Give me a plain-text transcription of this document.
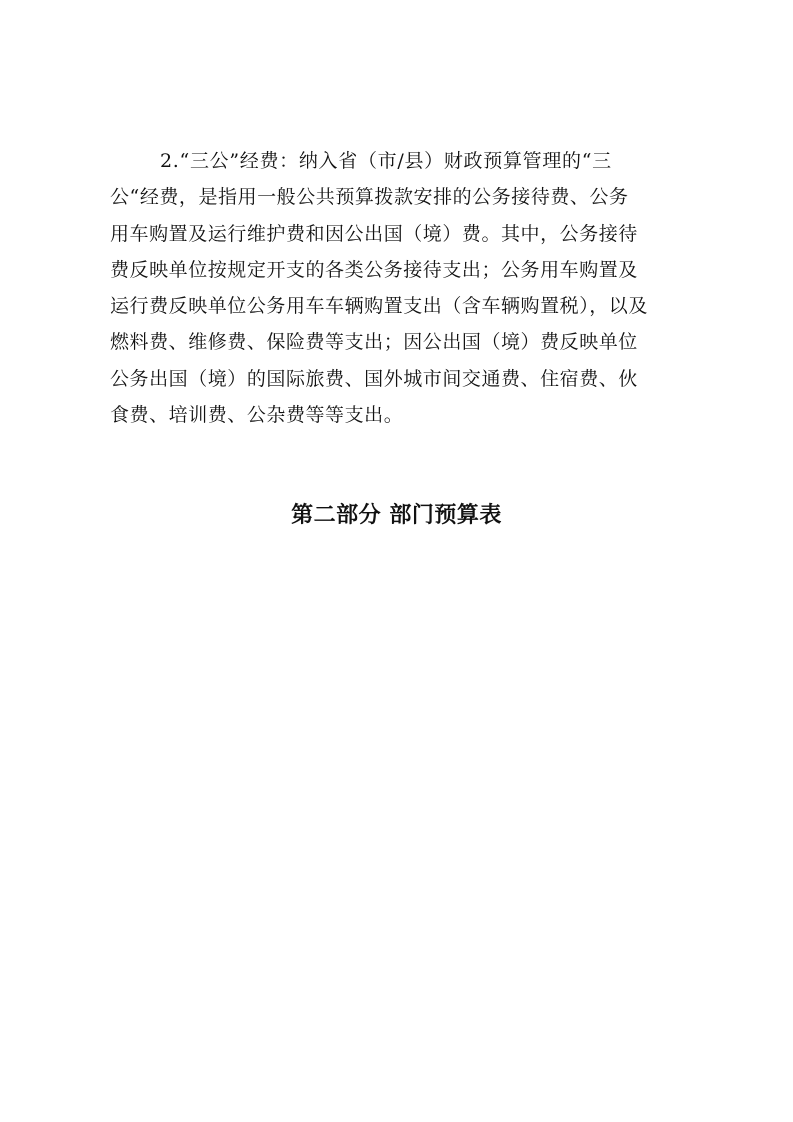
2.“三公”经费：纳入省（市/县）财政预算管理的“三
公“经费，是指用一般公共预算拨款安排的公务接待费、公务
用车购置及运行维护费和因公出国（境）费。其中，公务接待
费反映单位按规定开支的各类公务接待支出；公务用车购置及
运行费反映单位公务用车车辆购置支出（含车辆购置税），以及
燃料费、维修费、保险费等支出；因公出国（境）费反映单位
公务出国（境）的国际旅费、国外城市间交通费、住宿费、伙
食费、培训费、公杂费等等支出。
第二部分 部门预算表
